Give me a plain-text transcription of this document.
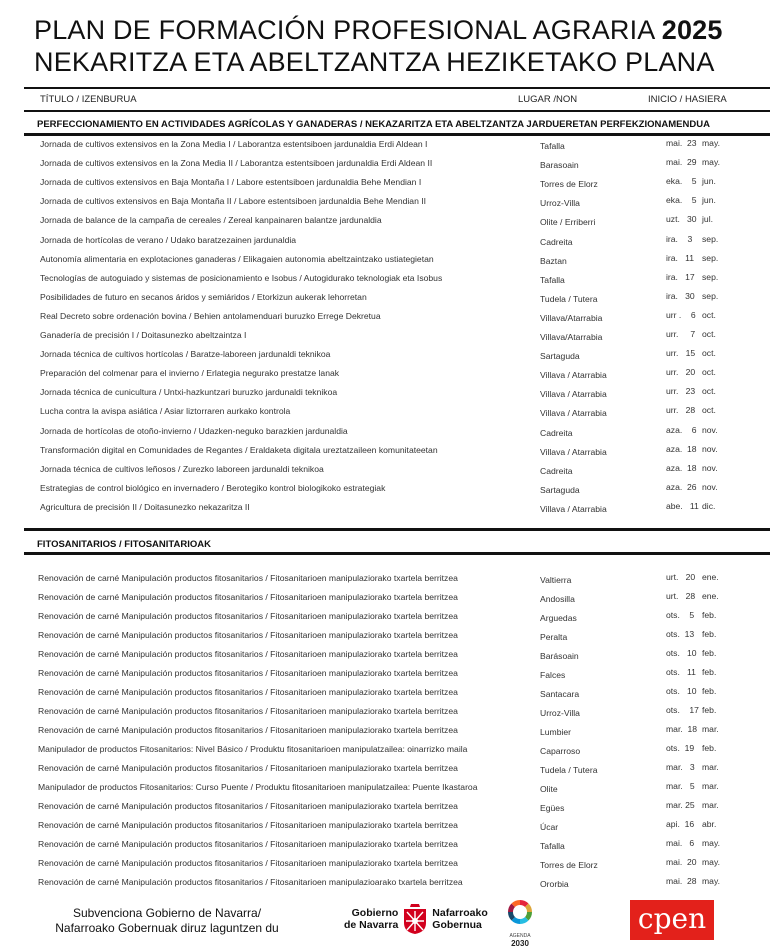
PLAN DE FORMACIÓN PROFESIONAL AGRARIA 2025
NEKARITZA ETA ABELTZANTZA HEZIKETAKO PLANA
TÍTULO / IZENBURUA	LUGAR /NON	INICIO / HASIERA
PERFECCIONAMIENTO EN ACTIVIDADES AGRÍCOLAS Y GANADERAS / NEKAZARITZA ETA ABELTZANTZA JARDUERETAN PERFEKZIONAMENDUA
Jornada de cultivos extensivos en la Zona Media I / Laborantza estentsiboen jardunaldia Erdi Aldean I	Tafalla	mai.  23 may.
Jornada de cultivos extensivos en la Zona Media II / Laborantza estentsiboen jardunaldia Erdi Aldean II	Barasoain	mai.  29 may.
Jornada de cultivos extensivos en Baja Montaña I / Labore estentsiboen jardunaldia Behe Mendian I	Torres de Elorz	eka.    5 jun.
Jornada de cultivos extensivos en Baja Montaña II / Labore estentsiboen jardunaldia Behe Mendian II	Urroz-Villa	eka.    5 jun.
Jornada de balance de la campaña de cereales / Zereal kanpainaren balantze jardunaldia	Olite / Erriberri	uzt.   30 jul.
Jornada de hortícolas de verano / Udako baratzezainen jardunaldia	Cadreita	ira.    3 sep.
Autonomía alimentaria en explotaciones ganaderas / Elikagaien autonomia abeltzaintzako ustiategietan	Baztan	ira.   11 sep.
Tecnologías de autoguiado y sistemas de posicionamiento e Isobus / Autogidurako teknologiak eta Isobus	Tafalla	ira.   17 sep.
Posibilidades de futuro en secanos áridos y semiáridos / Etorkizun aukerak lehorretan	Tudela / Tutera	ira.   30 sep.
Real Decreto sobre ordenación bovina / Behien antolamenduari buruzko Erregе Dekretua	Villava/Atarrabia	urr .    6 oct.
Ganadería de precisión I / Doitasunezko abeltzaintza I	Villava/Atarrabia	urr.     7 oct.
Jornada técnica de cultivos hortícolas / Baratze-laboreen jardunaldi teknikoa	Sartaguda	urr.   15 oct.
Preparación del colmenar para el invierno / Erlategia negurako prestatze lanak	Villava / Atarrabia	urr.   20 oct.
Jornada técnica de cunicultura / Untxi-hazkuntzari buruzko jardunaldi teknikoa	Villava / Atarrabia	urr.   23 oct.
Lucha contra la avispa asiática / Asiar liztorraren aurkako kontrola	Villava / Atarrabia	urr.   28 oct.
Jornada de hortícolas de otoño-invierno / Udazken-neguko barazkien jardunaldia	Cadreita	aza.    6 nov.
Transformación digital en Comunidades de Regantes / Eraldaketa digitala ureztatzaileen komunitateetan	Villava / Atarrabia	aza.  18 nov.
Jornada técnica de cultivos leñosos / Zurezko laboreen jardunaldi teknikoa	Cadreita	aza.  18 nov.
Estrategias de control biológico en invernadero / Berotegiko kontrol biologikoko estrategiak	Sartaguda	aza.  26 nov.
Agricultura de precisión II / Doitasunezko nekazaritza II	Villava / Atarrabia	abe.   11 dic.
FITOSANITARIOS / FITOSANITARIOAK
Renovación de carné Manipulación productos fitosanitarios / Fitosanitarioen manipulaziorako txartela berritzea	Valtierra	urt.   20 ene.
Renovación de carné Manipulación productos fitosanitarios / Fitosanitarioen manipulaziorako txartela berritzea	Andosilla	urt.   28 ene.
Renovación de carné Manipulación productos fitosanitarios / Fitosanitarioen manipulaziorako txartela berritzea	Arguedas	ots.    5 feb.
Renovación de carné Manipulación productos fitosanitarios / Fitosanitarioen manipulaziorako txartela berritzea	Peralta	ots.  13 feb.
Renovación de carné Manipulación productos fitosanitarios / Fitosanitarioen manipulaziorako txartela berritzea	Barásoain	ots.   10 feb.
Renovación de carné Manipulación productos fitosanitarios / Fitosanitarioen manipulaziorako txartela berritzea	Falces	ots.   11 feb.
Renovación de carné Manipulación productos fitosanitarios / Fitosanitarioen manipulaziorako txartela berritzea	Santacara	ots.   10 feb.
Renovación de carné Manipulación productos fitosanitarios / Fitosanitarioen manipulaziorako txartela berritzea	Urroz-Villa	ots.    17 feb.
Renovación de carné Manipulación productos fitosanitarios / Fitosanitarioen manipulaziorako txartela berritzea	Lumbier	mar.  18 mar.
Manipulador de productos Fitosanitarios: Nivel Básico / Produktu fitosanitarioen manipulatzailea: oinarrizko maila	Caparroso	ots.  19 feb.
Renovación de carné Manipulación productos fitosanitarios / Fitosanitarioen manipulaziorako txartela berritzea	Tudela / Tutera	mar.   3 mar.
Manipulador de productos Fitosanitarios: Curso Puente / Produktu fitosanitarioen manipulatzailea: Puente Ikastaroa	Olite	mar.   5 mar.
Renovación de carné Manipulación productos fitosanitarios / Fitosanitarioen manipulaziorako txartela berritzea	Egües	mar. 25 mar.
Renovación de carné Manipulación productos fitosanitarios / Fitosanitarioen manipulaziorako txartela berritzea	Úcar	api.  16 abr.
Renovación de carné Manipulación productos fitosanitarios / Fitosanitarioen manipulaziorako txartela berritzea	Tafalla	mai.   6 may.
Renovación de carné Manipulación productos fitosanitarios / Fitosanitarioen manipulaziorako txartela berritzea	Torres de Elorz	mai.  20 may.
Renovación de carné Manipulación productos fitosanitarios / Fitosanitarioen manipulazioarako txartela berritzea	Ororbia	mai.  28 may.
Subvenciona Gobierno de Navarra/
Nafarroako Gobernuak diruz laguntzen du
Gobierno
de Navarra
Nafarroako
Gobernua
AGENDA
2030
cpen
